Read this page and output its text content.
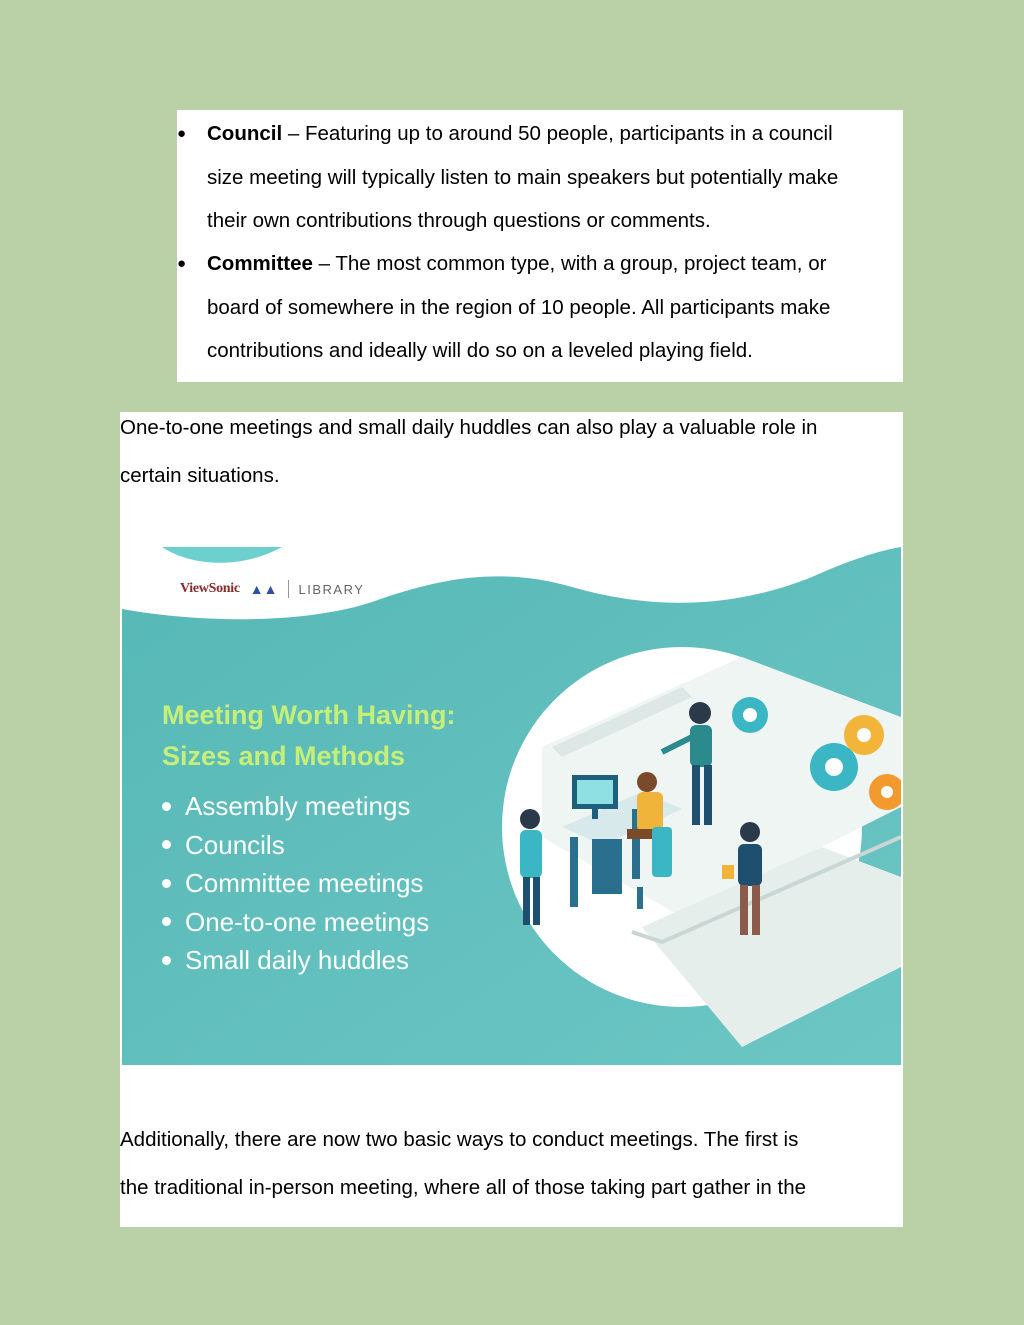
●	Council – Featuring up to around 50 people, participants in a council
size meeting will typically listen to main speakers but potentially make
their own contributions through questions or comments.
●	Committee – The most common type, with a group, project team, or
board of somewhere in the region of 10 people. All participants make
contributions and ideally will do so on a leveled playing field.
One-to-one meetings and small daily huddles can also play a valuable role in
certain situations.
ViewSonic ▲▲ LIBRARY
Meeting Worth Having:
Sizes and Methods
Assembly meetings
Councils
Committee meetings
One-to-one meetings
Small daily huddles
Additionally, there are now two basic ways to conduct meetings. The first is
the traditional in-person meeting, where all of those taking part gather in the
